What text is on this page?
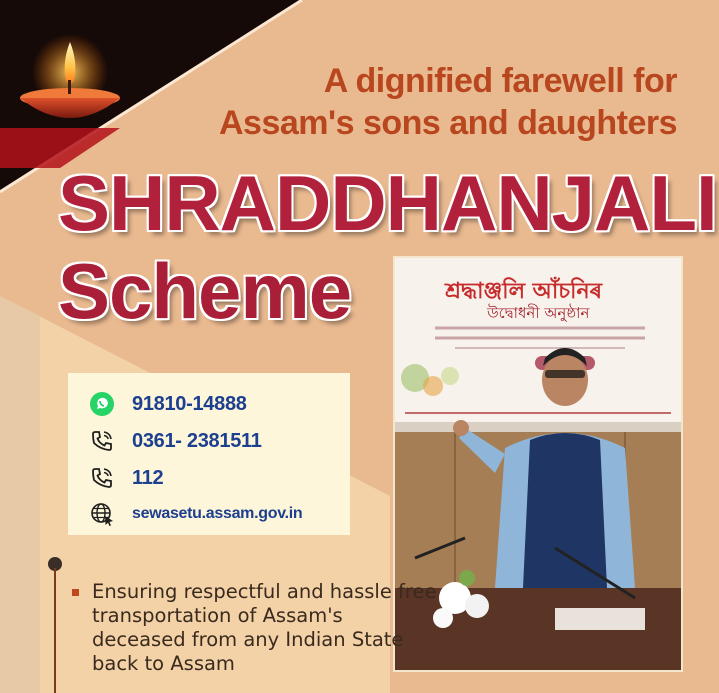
A dignified farewell for
Assam's sons and daughters
SHRADDHANJALI
Scheme
91810-14888
0361- 2381511
112
sewasetu.assam.gov.in
শ্ৰদ্ধাঞ্জলি আঁচনিৰ
উদ্বোধনী অনুষ্ঠান
Ensuring respectful and hassle free transportation of Assam's deceased from any Indian State back to Assam
